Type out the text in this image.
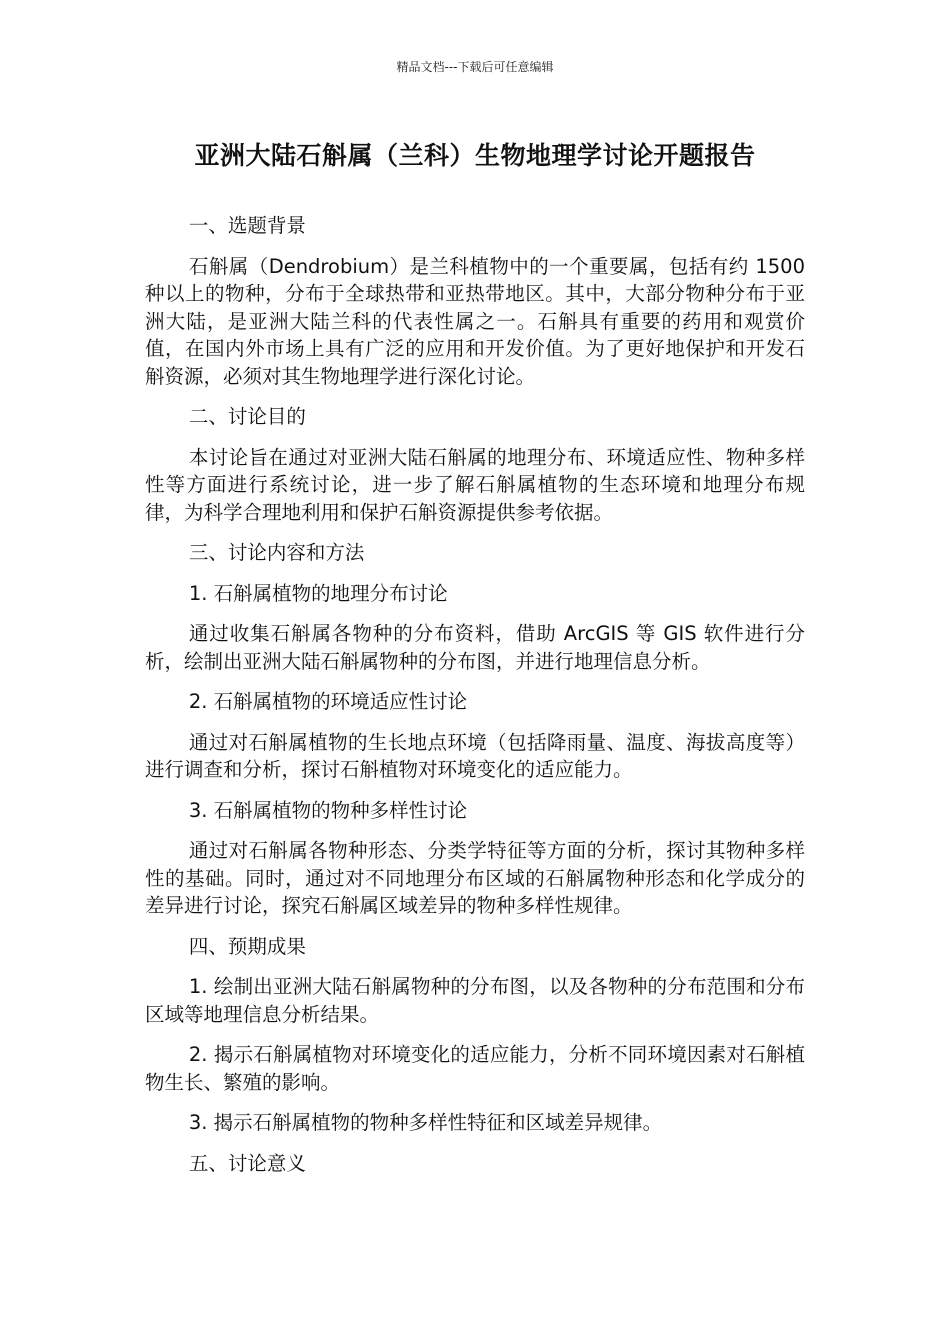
精品文档---下载后可任意编辑
亚洲大陆石斛属（兰科）生物地理学讨论开题报告

一、选题背景

石斛属（Dendrobium）是兰科植物中的一个重要属，包括有约 1500 种以上的物种，分布于全球热带和亚热带地区。其中，大部分物种分布于亚洲大陆，是亚洲大陆兰科的代表性属之一。石斛具有重要的药用和观赏价值，在国内外市场上具有广泛的应用和开发价值。为了更好地保护和开发石斛资源，必须对其生物地理学进行深化讨论。

二、讨论目的

本讨论旨在通过对亚洲大陆石斛属的地理分布、环境适应性、物种多样性等方面进行系统讨论，进一步了解石斛属植物的生态环境和地理分布规律，为科学合理地利用和保护石斛资源提供参考依据。

三、讨论内容和方法

1. 石斛属植物的地理分布讨论

通过收集石斛属各物种的分布资料，借助 ArcGIS 等 GIS 软件进行分析，绘制出亚洲大陆石斛属物种的分布图，并进行地理信息分析。

2. 石斛属植物的环境适应性讨论

通过对石斛属植物的生长地点环境（包括降雨量、温度、海拔高度等）进行调查和分析，探讨石斛植物对环境变化的适应能力。

3. 石斛属植物的物种多样性讨论

通过对石斛属各物种形态、分类学特征等方面的分析，探讨其物种多样性的基础。同时，通过对不同地理分布区域的石斛属物种形态和化学成分的差异进行讨论，探究石斛属区域差异的物种多样性规律。

四、预期成果

1. 绘制出亚洲大陆石斛属物种的分布图，以及各物种的分布范围和分布区域等地理信息分析结果。

2. 揭示石斛属植物对环境变化的适应能力，分析不同环境因素对石斛植物生长、繁殖的影响。

3. 揭示石斛属植物的物种多样性特征和区域差异规律。

五、讨论意义
